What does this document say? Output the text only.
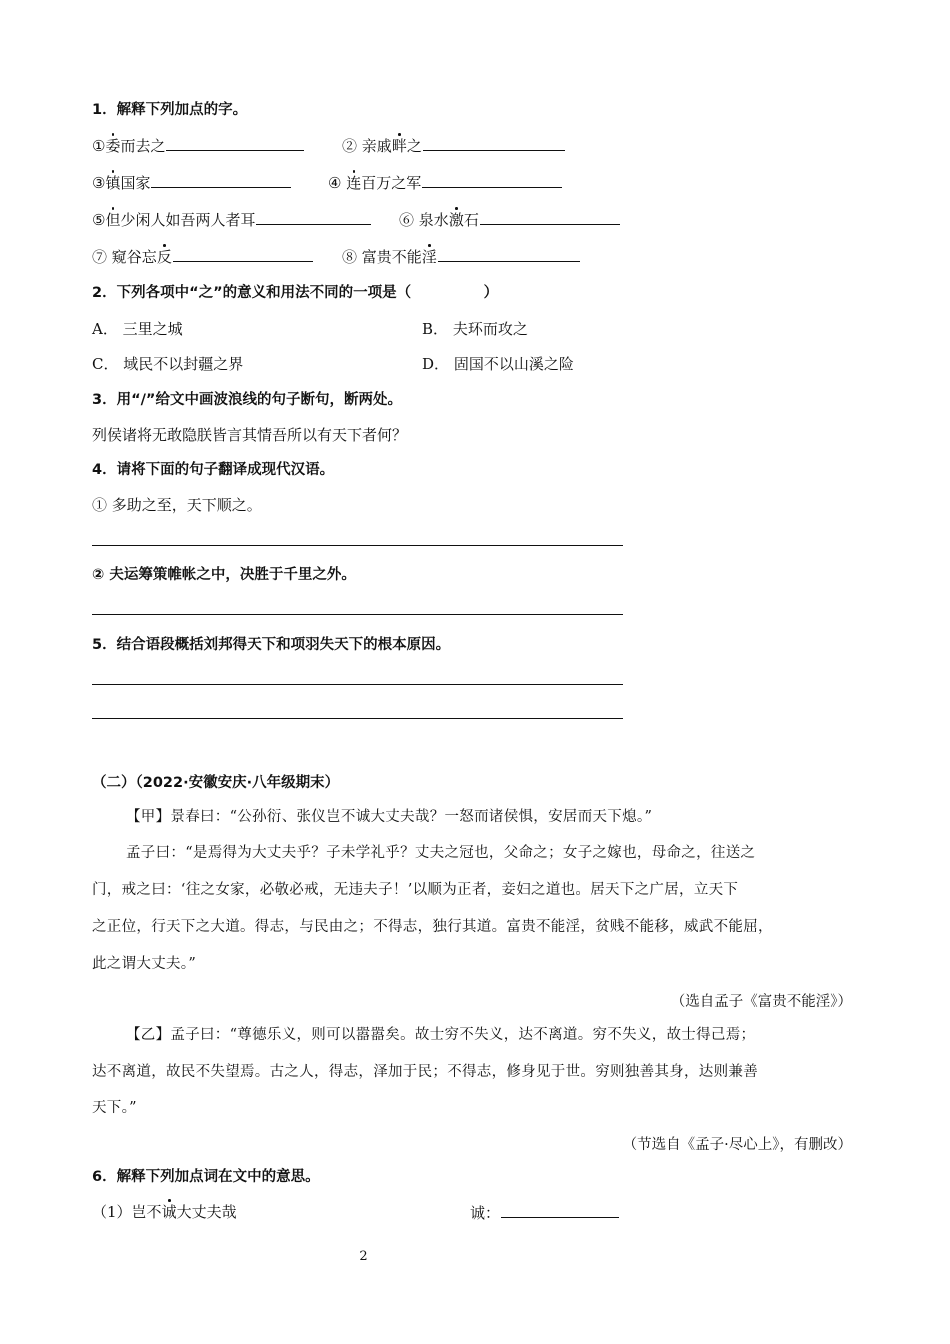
1．解释下列加点的字。
①委而去之	② 亲戚畔之
③镇国家	④ 连百万之军
⑤但少闲人如吾两人者耳	⑥ 泉水激石
⑦ 窥谷忘反	⑧ 富贵不能淫
2．下列各项中“之”的意义和用法不同的一项是（　　　　　）
A． 三里之城	B． 夫环而攻之
C． 域民不以封疆之界	D． 固国不以山溪之险
3．用“/”给文中画波浪线的句子断句，断两处。
列侯诸将无敢隐朕皆言其情吾所以有天下者何？
4．请将下面的句子翻译成现代汉语。
① 多助之至，天下顺之。
② 夫运筹策帷帐之中，决胜于千里之外。
5．结合语段概括刘邦得天下和项羽失天下的根本原因。
（二）（2022·安徽安庆·八年级期末）
【甲】景春曰：“公孙衍、张仪岂不诚大丈夫哉？一怒而诸侯惧，安居而天下熄。”
孟子曰：“是焉得为大丈夫乎？子未学礼乎？丈夫之冠也，父命之；女子之嫁也，母命之，往送之
门，戒之曰：‘往之女家，必敬必戒，无违夫子！’以顺为正者，妾妇之道也。居天下之广居，立天下
之正位，行天下之大道。得志，与民由之；不得志，独行其道。富贵不能淫，贫贱不能移，威武不能屈，
此之谓大丈夫。”
（选自孟子《富贵不能淫》）
【乙】孟子曰：“尊德乐义，则可以嚣嚣矣。故士穷不失义，达不离道。穷不失义，故士得己焉；
达不离道，故民不失望焉。古之人，得志，泽加于民；不得志，修身见于世。穷则独善其身，达则兼善
天下。”
（节选自《孟子·尽心上》，有删改）
6．解释下列加点词在文中的意思。
（1）岂不诚大丈夫哉	诚：
2
